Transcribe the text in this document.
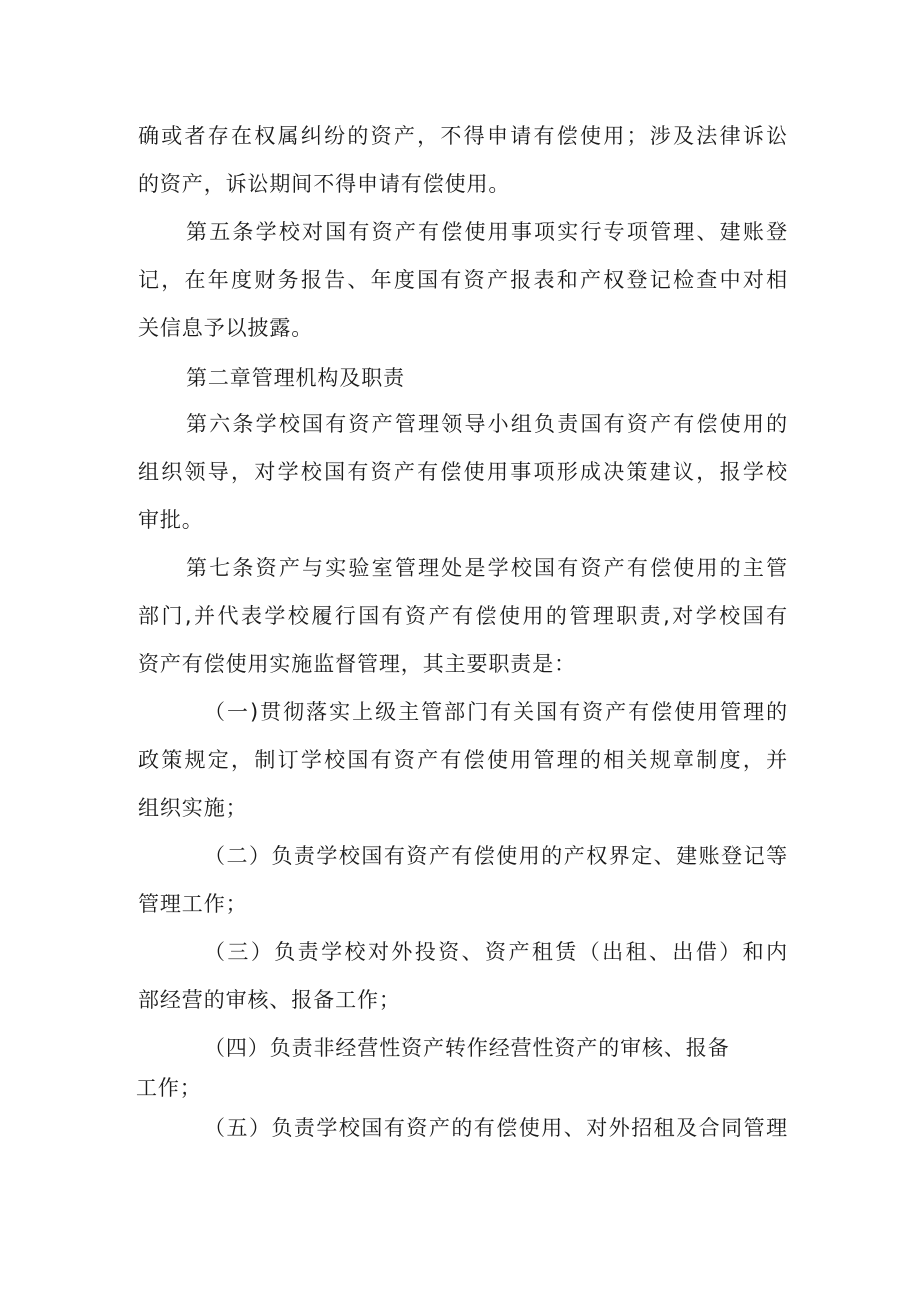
确或者存在权属纠纷的资产，不得申请有偿使用；涉及法律诉讼
的资产，诉讼期间不得申请有偿使用。
第五条学校对国有资产有偿使用事项实行专项管理、建账登
记，在年度财务报告、年度国有资产报表和产权登记检查中对相
关信息予以披露。
第二章管理机构及职责
第六条学校国有资产管理领导小组负责国有资产有偿使用的
组织领导，对学校国有资产有偿使用事项形成决策建议，报学校
审批。
第七条资产与实验室管理处是学校国有资产有偿使用的主管
部门,并代表学校履行国有资产有偿使用的管理职责,对学校国有
资产有偿使用实施监督管理，其主要职责是：
（一)贯彻落实上级主管部门有关国有资产有偿使用管理的
政策规定，制订学校国有资产有偿使用管理的相关规章制度，并
组织实施；
（二）负责学校国有资产有偿使用的产权界定、建账登记等
管理工作；
（三）负责学校对外投资、资产租赁（出租、出借）和内
部经营的审核、报备工作；
（四）负责非经营性资产转作经营性资产的审核、报备
工作；
（五）负责学校国有资产的有偿使用、对外招租及合同管理
